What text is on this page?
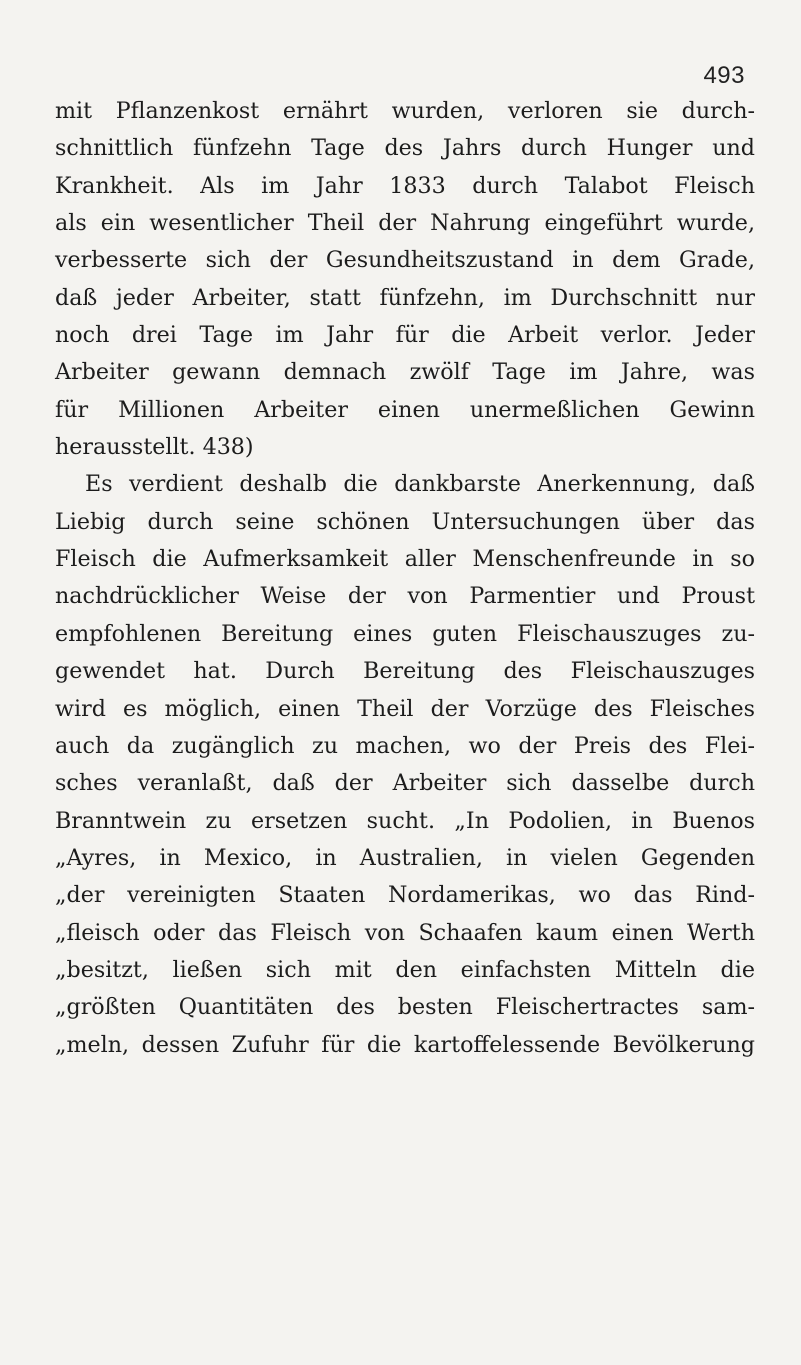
493
mit Pflanzenkost ernährt wurden, verloren sie durch-
schnittlich fünfzehn Tage des Jahrs durch Hunger und
Krankheit. Als im Jahr 1833 durch Talabot Fleisch
als ein wesentlicher Theil der Nahrung eingeführt wurde,
verbesserte sich der Gesundheitszustand in dem Grade,
daß jeder Arbeiter, statt fünfzehn, im Durchschnitt nur
noch drei Tage im Jahr für die Arbeit verlor. Jeder
Arbeiter gewann demnach zwölf Tage im Jahre, was
für Millionen Arbeiter einen unermeßlichen Gewinn
herausstellt. 438)
Es verdient deshalb die dankbarste Anerkennung, daß
Liebig durch seine schönen Untersuchungen über das
Fleisch die Aufmerksamkeit aller Menschenfreunde in so
nachdrücklicher Weise der von Parmentier und Proust
empfohlenen Bereitung eines guten Fleischauszuges zu-
gewendet hat. Durch Bereitung des Fleischauszuges
wird es möglich, einen Theil der Vorzüge des Fleisches
auch da zugänglich zu machen, wo der Preis des Flei-
sches veranlaßt, daß der Arbeiter sich dasselbe durch
Branntwein zu ersetzen sucht. „In Podolien, in Buenos
„Ayres, in Mexico, in Australien, in vielen Gegenden
„der vereinigten Staaten Nordamerikas, wo das Rind-
„fleisch oder das Fleisch von Schaafen kaum einen Werth
„besitzt, ließen sich mit den einfachsten Mitteln die
„größten Quantitäten des besten Fleischertractes sam-
„meln, dessen Zufuhr für die kartoffelessende Bevölkerung
